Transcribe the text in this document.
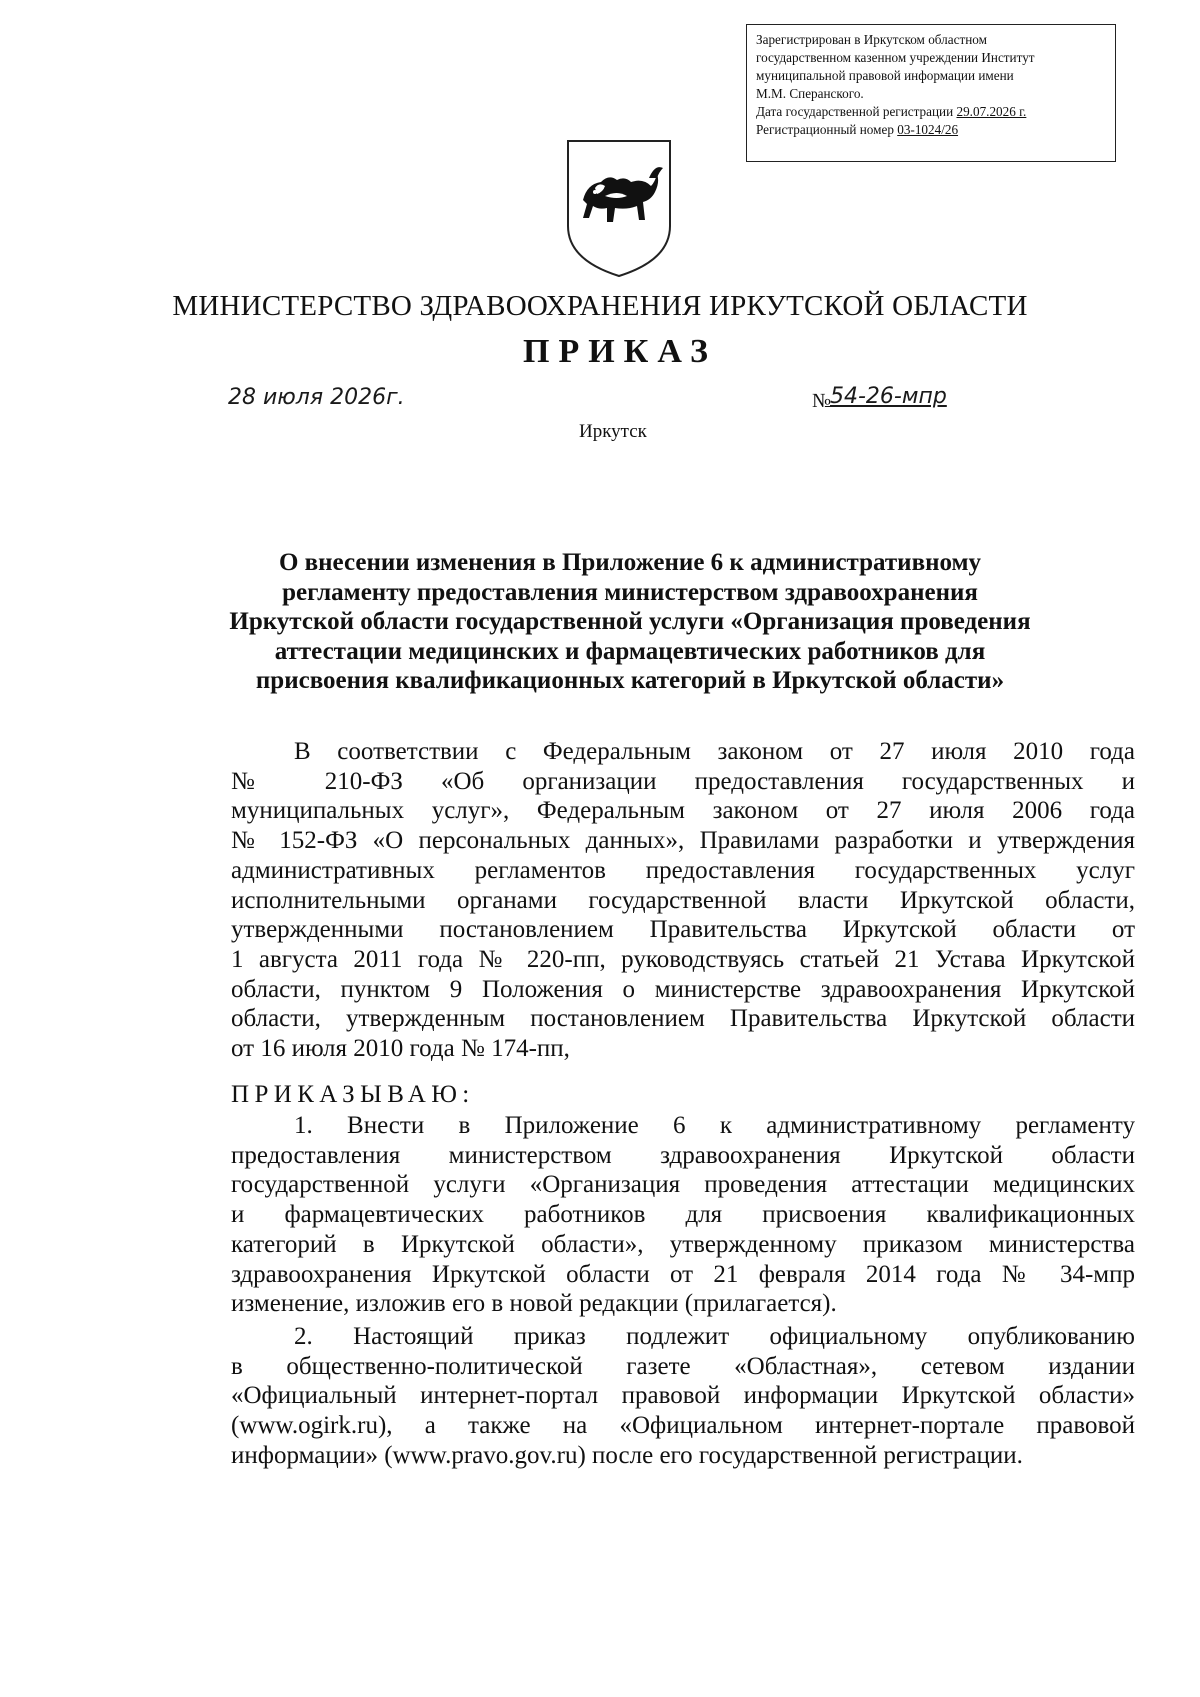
Зарегистрирован в Иркутском областном
государственном казенном учреждении Институт
муниципальной правовой информации имени
М.М. Сперанского.
Дата государственной регистрации 29.07.2026 г.
Регистрационный номер 03-1024/26
МИНИСТЕРСТВО ЗДРАВООХРАНЕНИЯ ИРКУТСКОЙ ОБЛАСТИ
ПРИКАЗ
28 июля 2026г.	№
54-26-мпр
Иркутск
О внесении изменения в Приложение 6 к административному
регламенту предоставления министерством здравоохранения
Иркутской области государственной услуги «Организация проведения
аттестации медицинских и фармацевтических работников для
присвоения квалификационных категорий в Иркутской области»
В соответствии с Федеральным законом от 27 июля 2010 года
№ 210-ФЗ «Об организации предоставления государственных и
муниципальных услуг», Федеральным законом от 27 июля 2006 года
№ 152-ФЗ «О персональных данных», Правилами разработки и утверждения
административных регламентов предоставления государственных услуг
исполнительными органами государственной власти Иркутской области,
утвержденными постановлением Правительства Иркутской области от
1 августа 2011 года № 220-пп, руководствуясь статьей 21 Устава Иркутской
области, пунктом 9 Положения о министерстве здравоохранения Иркутской
области, утвержденным постановлением Правительства Иркутской области
от 16 июля 2010 года № 174-пп,
ПРИКАЗЫВАЮ:
1. Внести в Приложение 6 к административному регламенту
предоставления министерством здравоохранения Иркутской области
государственной услуги «Организация проведения аттестации медицинских
и фармацевтических работников для присвоения квалификационных
категорий в Иркутской области», утвержденному приказом министерства
здравоохранения Иркутской области от 21 февраля 2014 года № 34-мпр
изменение, изложив его в новой редакции (прилагается).
2. Настоящий приказ подлежит официальному опубликованию
в общественно-политической газете «Областная», сетевом издании
«Официальный интернет-портал правовой информации Иркутской области»
(www.ogirk.ru), а также на «Официальном интернет-портале правовой
информации» (www.pravo.gov.ru) после его государственной регистрации.
